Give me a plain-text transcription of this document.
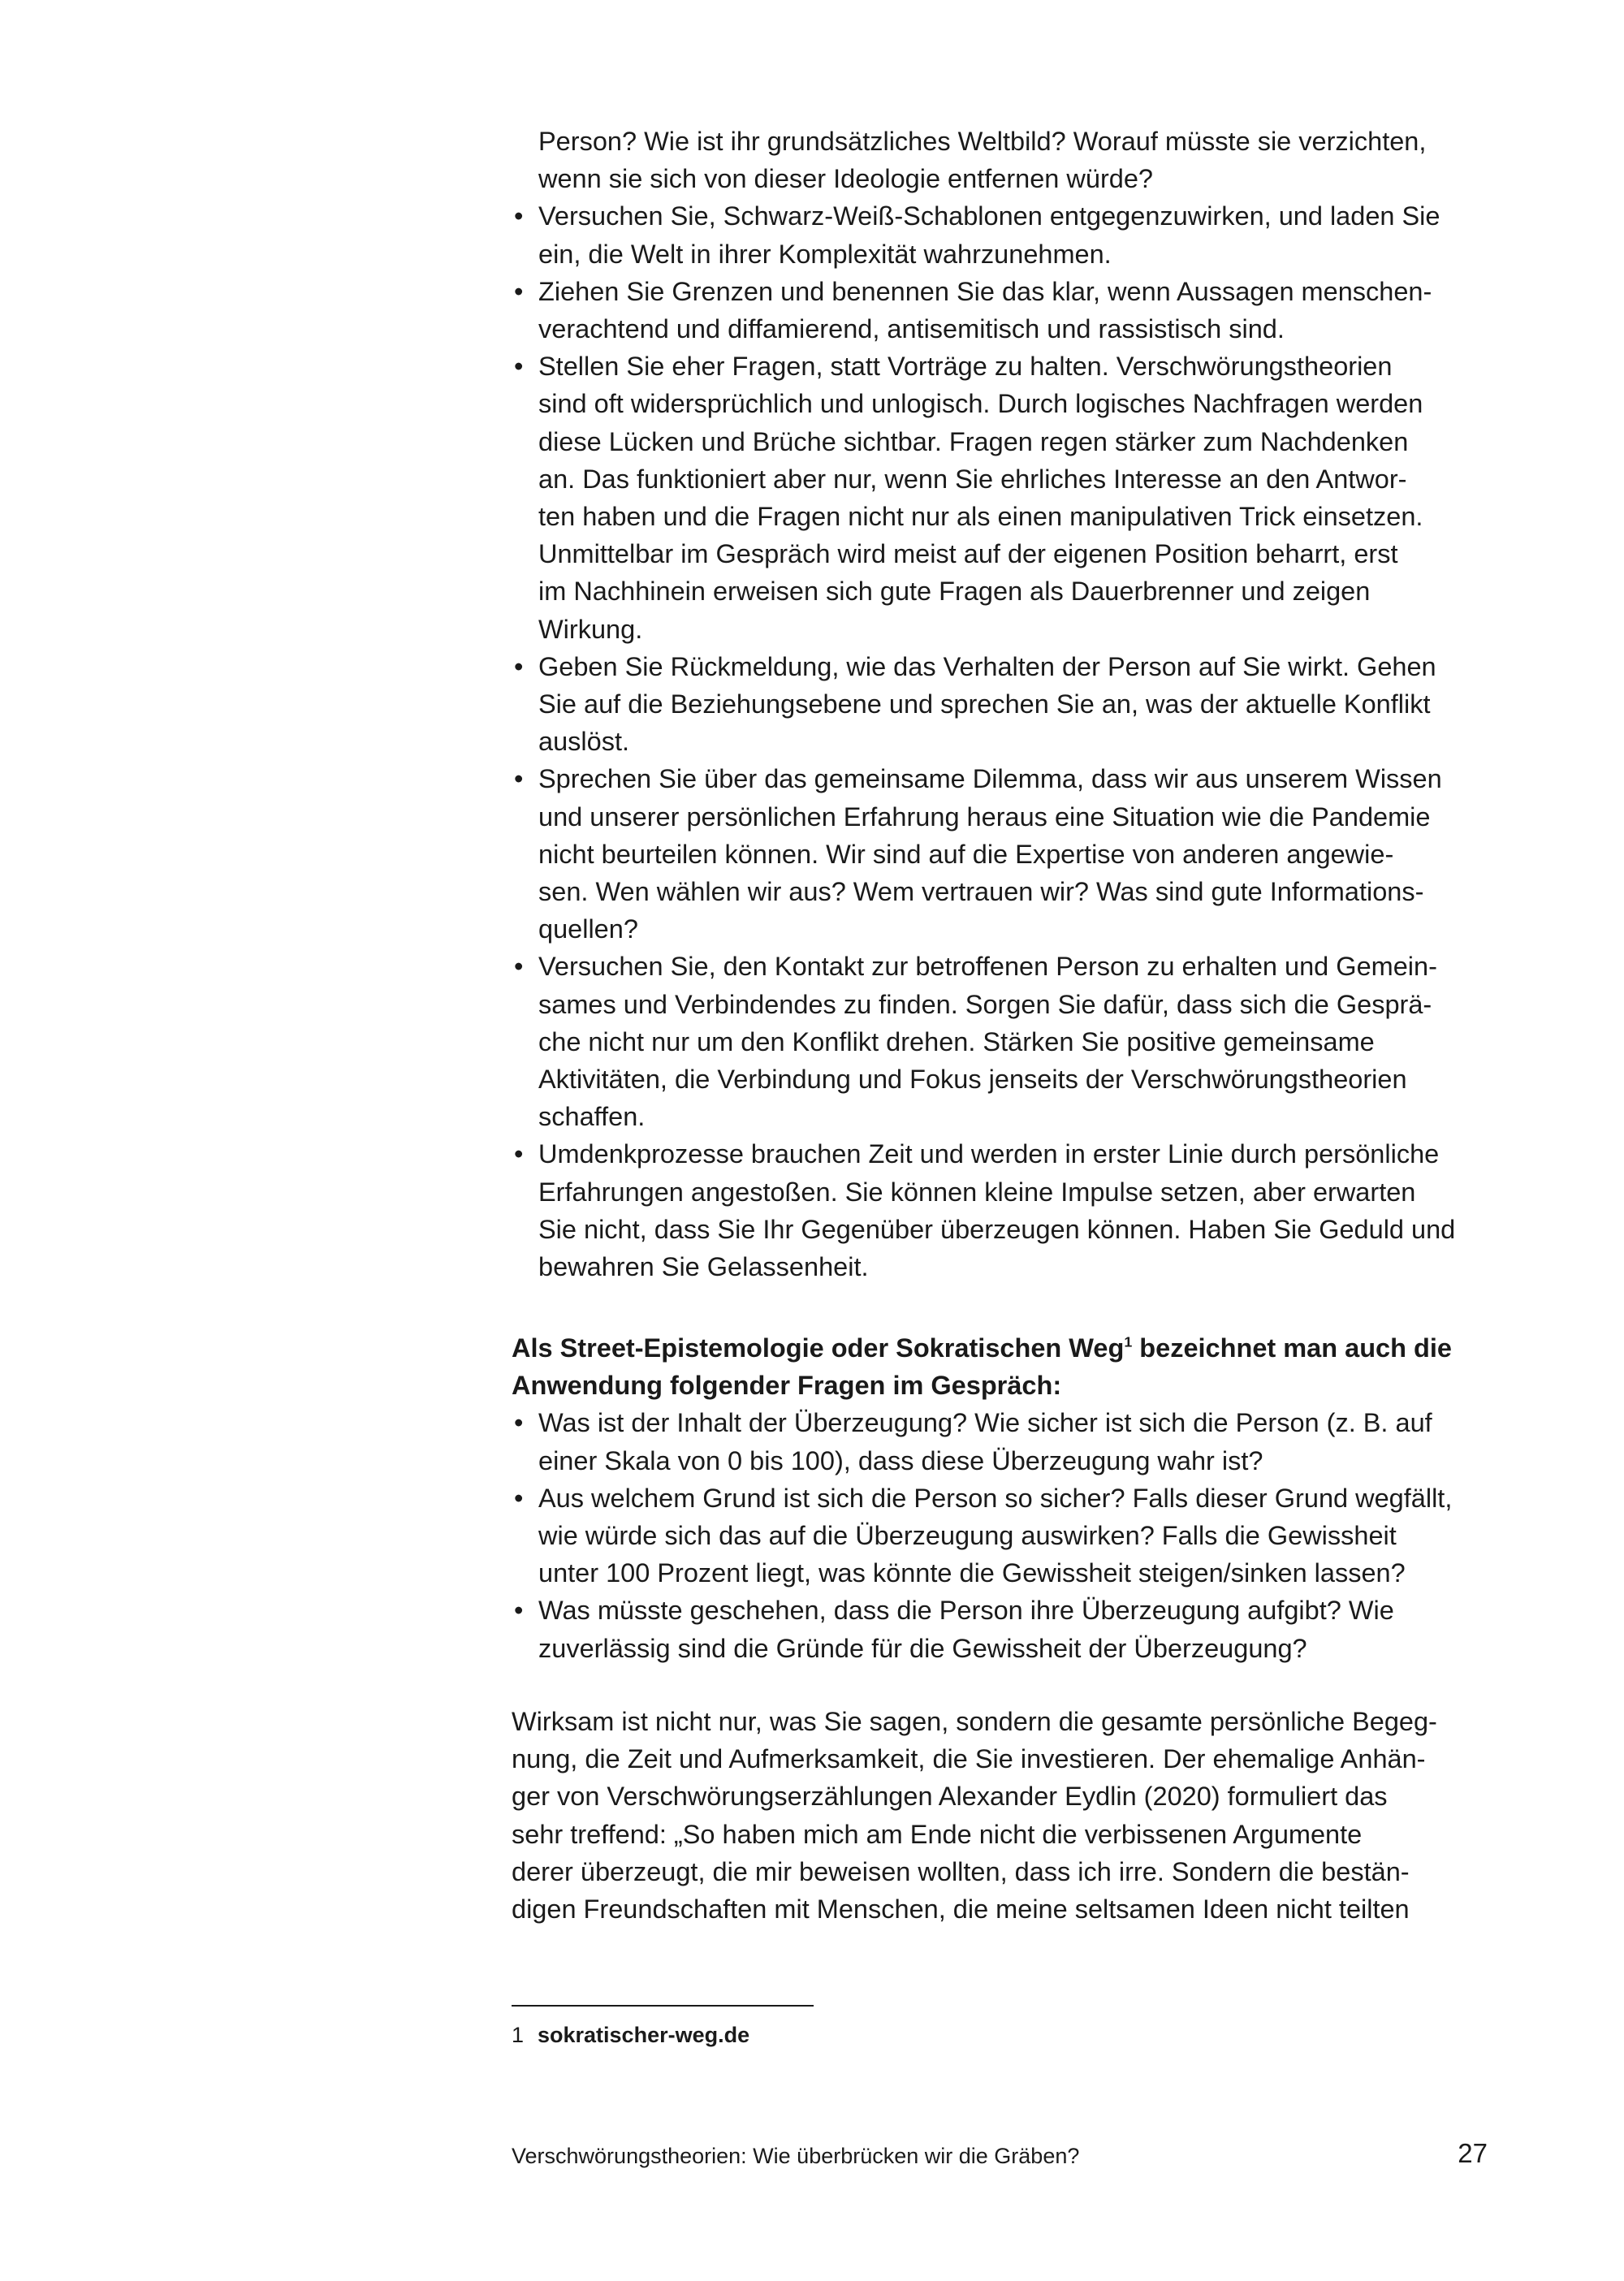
Person? Wie ist ihr grundsätzliches Weltbild? Worauf müsste sie verzichten,
wenn sie sich von dieser Ideologie entfernen würde?
• Versuchen Sie, Schwarz-Weiß-Schablonen entgegenzuwirken, und laden Sie
ein, die Welt in ihrer Komplexität wahrzunehmen.
• Ziehen Sie Grenzen und benennen Sie das klar, wenn Aussagen menschen-
verachtend und diffamierend, antisemitisch und rassistisch sind.
• Stellen Sie eher Fragen, statt Vorträge zu halten. Verschwörungstheorien
sind oft widersprüchlich und unlogisch. Durch logisches Nachfragen werden
diese Lücken und Brüche sichtbar. Fragen regen stärker zum Nachdenken
an. Das funktioniert aber nur, wenn Sie ehrliches Interesse an den Antwor-
ten haben und die Fragen nicht nur als einen manipulativen Trick einsetzen.
Unmittelbar im Gespräch wird meist auf der eigenen Position beharrt, erst
im Nachhinein erweisen sich gute Fragen als Dauerbrenner und zeigen
Wirkung.
• Geben Sie Rückmeldung, wie das Verhalten der Person auf Sie wirkt. Gehen
Sie auf die Beziehungsebene und sprechen Sie an, was der aktuelle Konflikt
auslöst.
• Sprechen Sie über das gemeinsame Dilemma, dass wir aus unserem Wissen
und unserer persönlichen Erfahrung heraus eine Situation wie die Pandemie
nicht beurteilen können. Wir sind auf die Expertise von anderen angewie-
sen. Wen wählen wir aus? Wem vertrauen wir? Was sind gute Informations-
quellen?
• Versuchen Sie, den Kontakt zur betroffenen Person zu erhalten und Gemein-
sames und Verbindendes zu finden. Sorgen Sie dafür, dass sich die Gesprä-
che nicht nur um den Konflikt drehen. Stärken Sie positive gemeinsame
Aktivitäten, die Verbindung und Fokus jenseits der Verschwörungstheorien
schaffen.
• Umdenkprozesse brauchen Zeit und werden in erster Linie durch persönliche
Erfahrungen angestoßen. Sie können kleine Impulse setzen, aber erwarten
Sie nicht, dass Sie Ihr Gegenüber überzeugen können. Haben Sie Geduld und
bewahren Sie Gelassenheit.
Als Street-Epistemologie oder Sokratischen Weg$^1$ bezeichnet man auch die
Anwendung folgender Fragen im Gespräch:
• Was ist der Inhalt der Überzeugung? Wie sicher ist sich die Person (z. B. auf
einer Skala von 0 bis 100), dass diese Überzeugung wahr ist?
• Aus welchem Grund ist sich die Person so sicher? Falls dieser Grund wegfällt,
wie würde sich das auf die Überzeugung auswirken? Falls die Gewissheit
unter 100 Prozent liegt, was könnte die Gewissheit steigen/sinken lassen?
• Was müsste geschehen, dass die Person ihre Überzeugung aufgibt? Wie
zuverlässig sind die Gründe für die Gewissheit der Überzeugung?
Wirksam ist nicht nur, was Sie sagen, sondern die gesamte persönliche Begeg-
nung, die Zeit und Aufmerksamkeit, die Sie investieren. Der ehemalige Anhän-
ger von Verschwörungserzählungen Alexander Eydlin (2020) formuliert das
sehr treffend: „So haben mich am Ende nicht die verbissenen Argumente
derer überzeugt, die mir beweisen wollten, dass ich irre. Sondern die bestän-
digen Freundschaften mit Menschen, die meine seltsamen Ideen nicht teilten
1 sokratischer-weg.de
Verschwörungstheorien: Wie überbrücken wir die Gräben?	27
